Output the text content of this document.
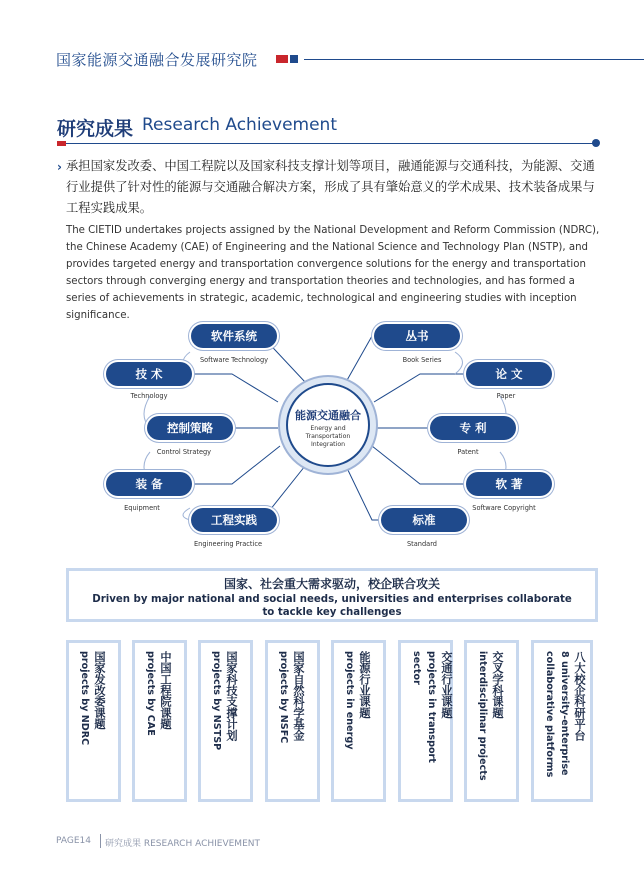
国家能源交通融合发展研究院
研究成果 Research Achievement
› 承担国家发改委、中国工程院以及国家科技支撑计划等项目，融通能源与交通科技，为能源、交通行业提供了针对性的能源与交通融合解决方案，形成了具有肇始意义的学术成果、技术装备成果与工程实践成果。
The CIETID undertakes projects assigned by the National Development and Reform Commission (NDRC), the Chinese Academy (CAE) of Engineering and the National Science and Technology Plan (NSTP), and provides targeted energy and transportation convergence solutions for the energy and transportation sectors through converging energy and transportation theories and technologies, and has formed a series of achievements in strategic, academic, technological and engineering studies with inception significance.
能源交通融合
Energy and Transportation Integration
软件系统
Software Technology
技 术
Technology
控制策略
Control Strategy
装 备
Equipment
工程实践
Engineering Practice
丛书
Book Series
论 文
Paper
专 利
Patent
软 著
Software Copyright
标准
Standard
国家、社会重大需求驱动，校企联合攻关
Driven by major national and social needs, universities and enterprises collaborate to tackle key challenges
国家发改委课题
projects by NDRC	中国工程院课题
projects by CAE	国家科技支撑计划
projects by NSTSP	国家自然科学基金
projects by NSFC	能源行业课题
projects in energy	交通行业课题
projects in transport sector	交叉学科课题
interdisciplinar projects	八大校企科研平台
8 university-enterprise collaborative platforms
PAGE14 研究成果 RESEARCH ACHIEVEMENT
